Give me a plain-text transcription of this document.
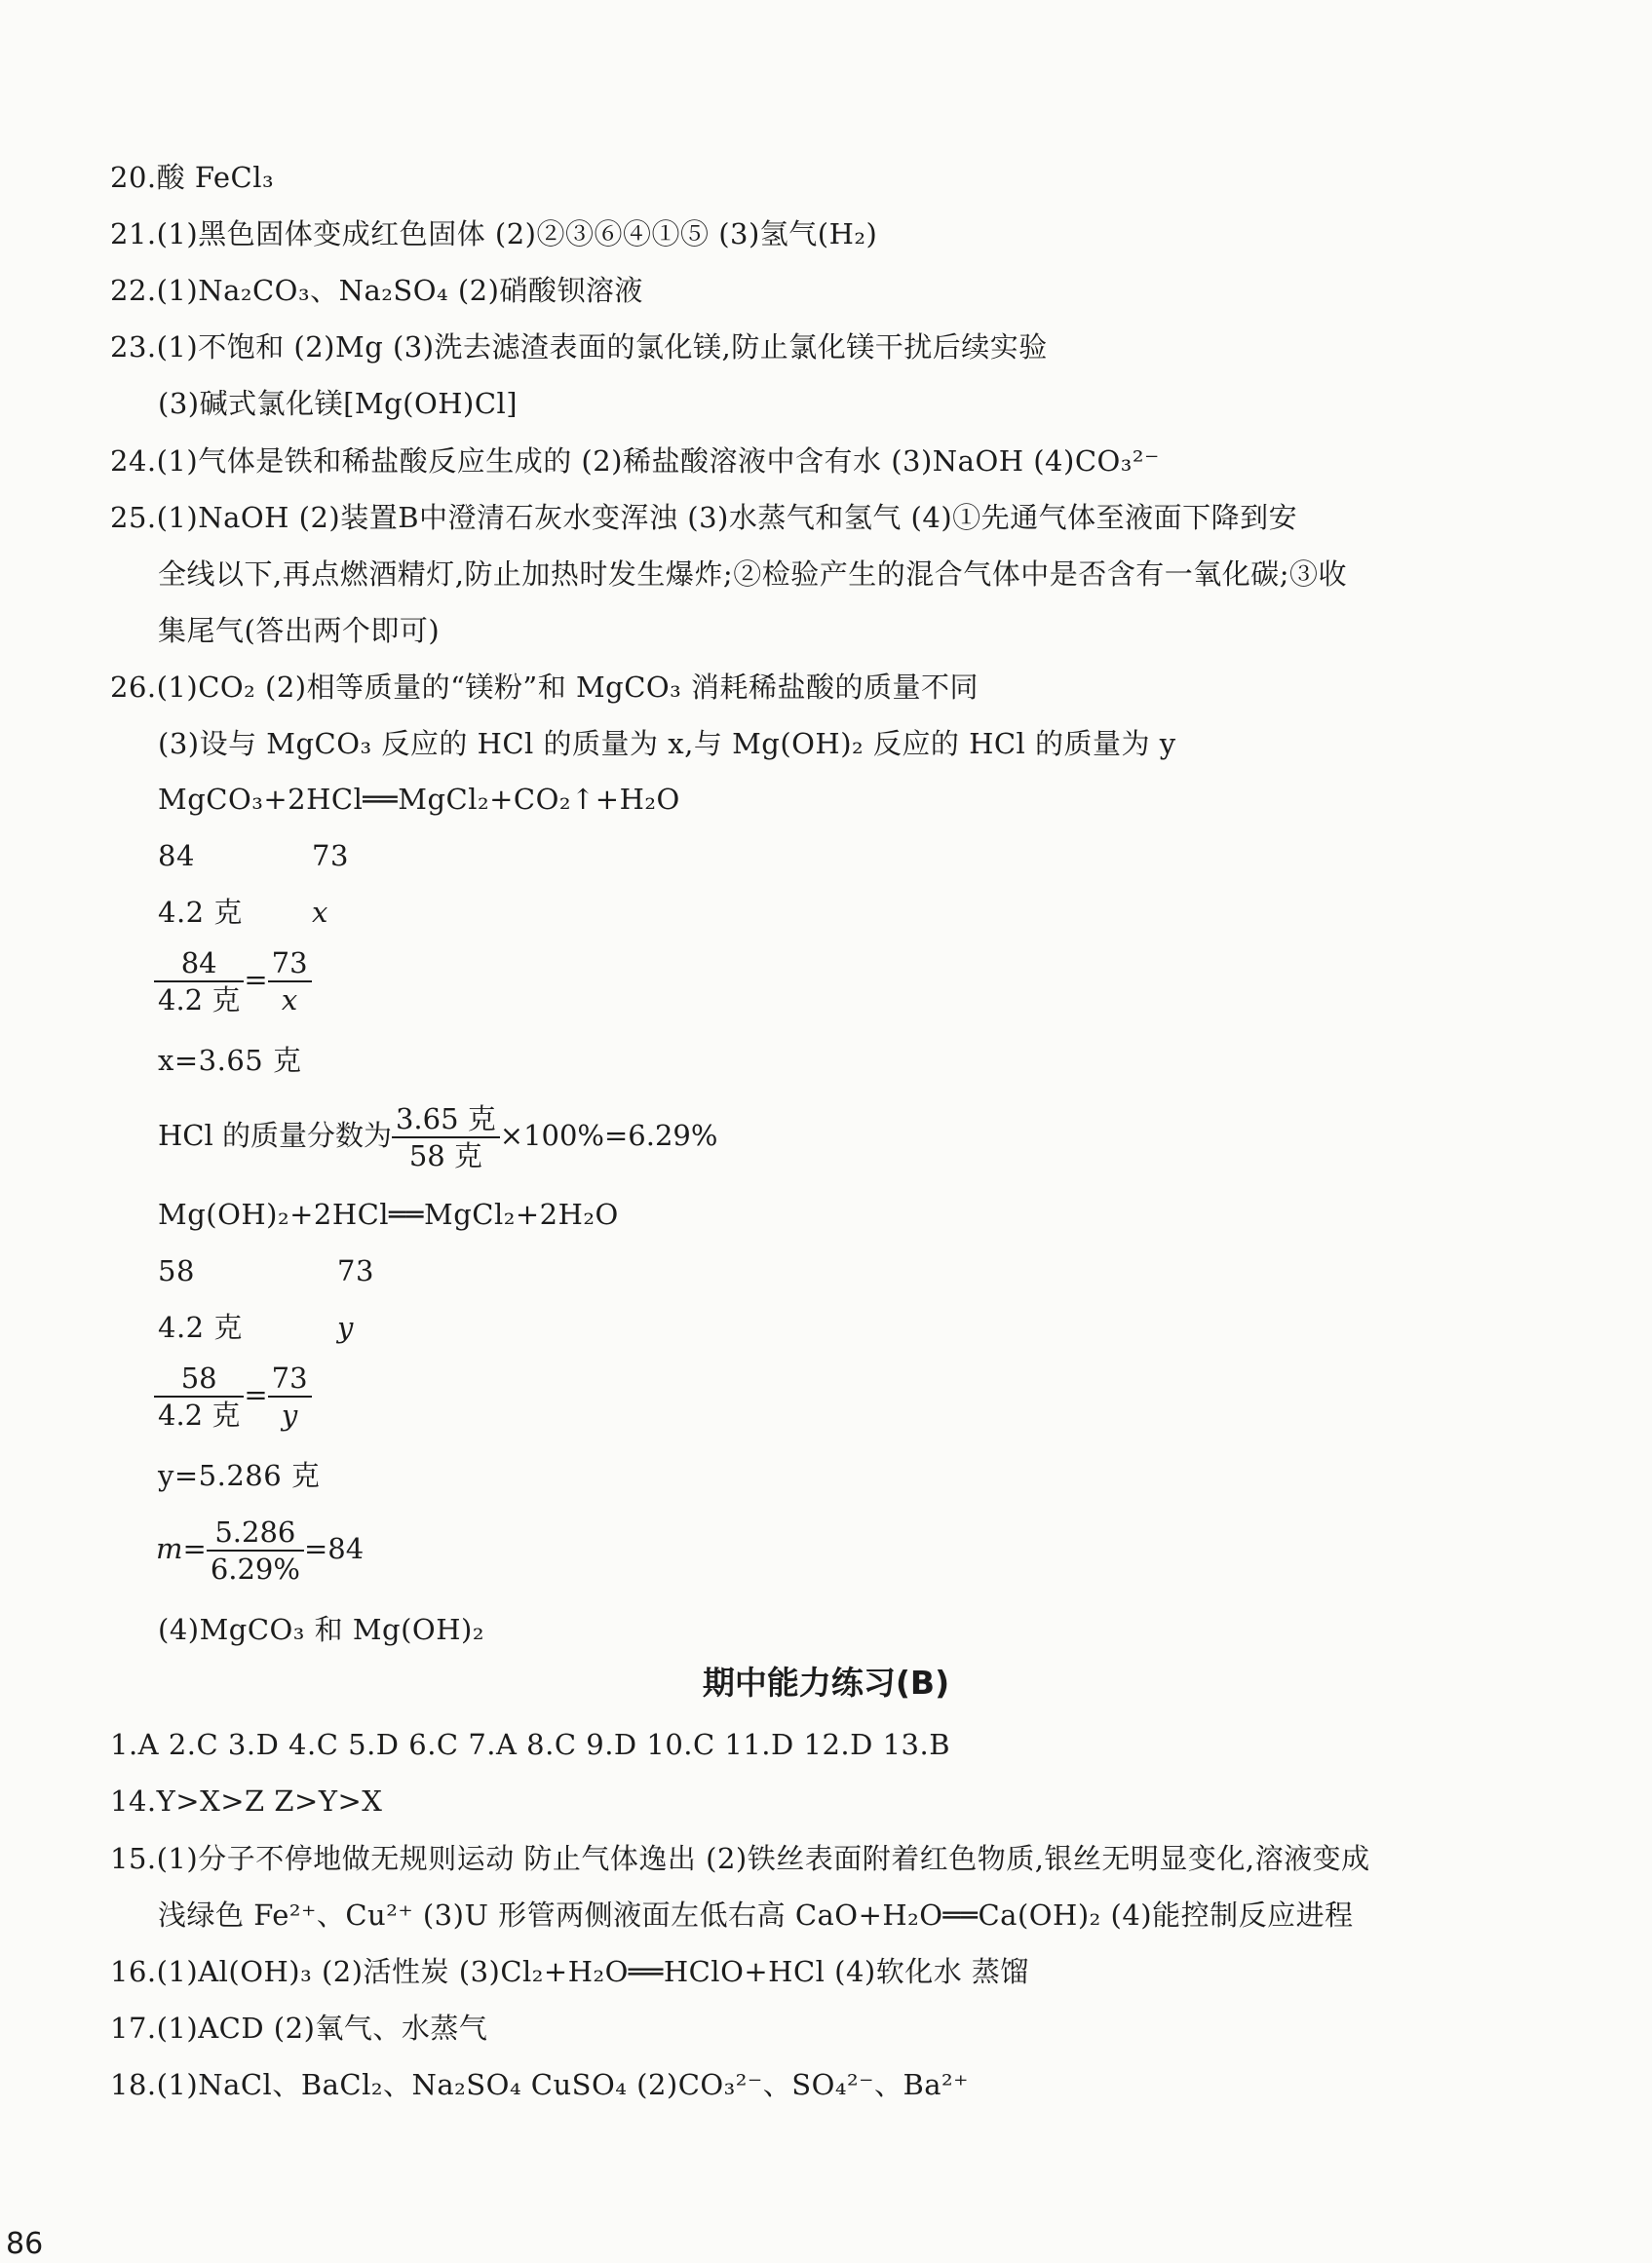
20.酸 FeCl₃
21.(1)黑色固体变成红色固体 (2)②③⑥④①⑤ (3)氢气(H₂)
22.(1)Na₂CO₃、Na₂SO₄ (2)硝酸钡溶液
23.(1)不饱和 (2)Mg (3)洗去滤渣表面的氯化镁,防止氯化镁干扰后续实验
(3)碱式氯化镁[Mg(OH)Cl]
24.(1)气体是铁和稀盐酸反应生成的 (2)稀盐酸溶液中含有水 (3)NaOH (4)CO₃²⁻
25.(1)NaOH (2)装置B中澄清石灰水变浑浊 (3)水蒸气和氢气 (4)①先通气体至液面下降到安
全线以下,再点燃酒精灯,防止加热时发生爆炸;②检验产生的混合气体中是否含有一氧化碳;③收
集尾气(答出两个即可)
26.(1)CO₂ (2)相等质量的“镁粉”和 MgCO₃ 消耗稀盐酸的质量不同
(3)设与 MgCO₃ 反应的 HCl 的质量为 x,与 Mg(OH)₂ 反应的 HCl 的质量为 y
MgCO₃+2HCl══MgCl₂+CO₂↑+H₂O
84	73
4.2 克 x
$\frac{84}{\text{4.2 克}} = \frac{73}{x}$
x=3.65 克
HCl 的质量分数为 $\frac{\text{3.65 克}}{\text{58 克}} \times 100\%=6.29\%$
Mg(OH)₂+2HCl══MgCl₂+2H₂O
58	73
4.2 克	y
$\frac{58}{\text{4.2 克}} = \frac{73}{y}$
y=5.286 克
$m= \frac{5.286}{6.29\%} =84$
(4)MgCO₃ 和 Mg(OH)₂
期中能力练习(B)
1.A 2.C 3.D 4.C 5.D 6.C 7.A 8.C 9.D 10.C 11.D 12.D 13.B
14.Y>X>Z Z>Y>X
15.(1)分子不停地做无规则运动 防止气体逸出 (2)铁丝表面附着红色物质,银丝无明显变化,溶液变成
浅绿色 Fe²⁺、Cu²⁺ (3)U 形管两侧液面左低右高 CaO+H₂O══Ca(OH)₂ (4)能控制反应进程
16.(1)Al(OH)₃ (2)活性炭 (3)Cl₂+H₂O══HClO+HCl (4)软化水 蒸馏
17.(1)ACD (2)氧气、水蒸气
18.(1)NaCl、BaCl₂、Na₂SO₄ CuSO₄ (2)CO₃²⁻、SO₄²⁻、Ba²⁺
86
